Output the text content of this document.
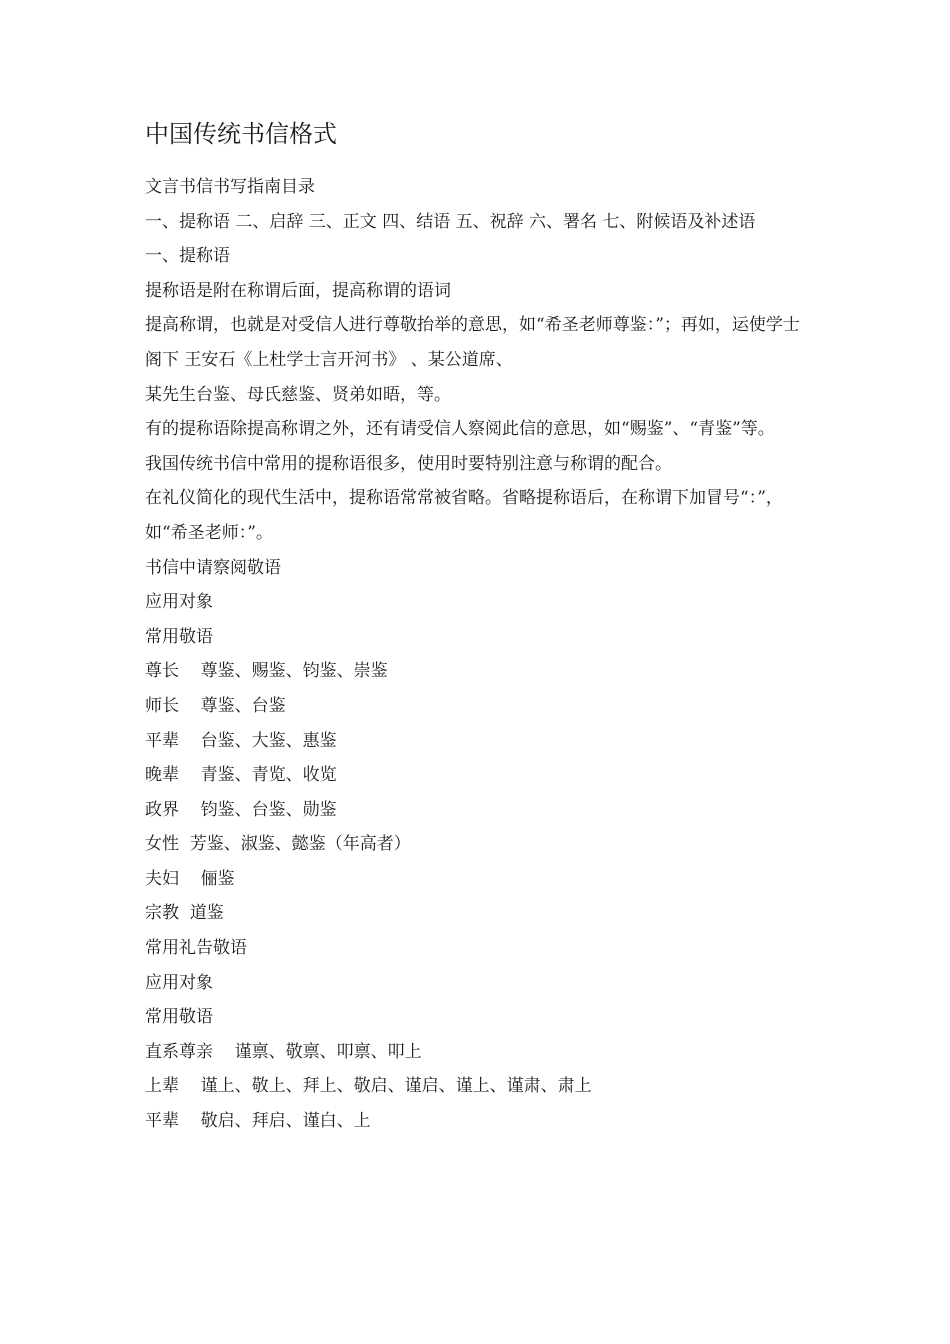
中国传统书信格式
文言书信书写指南目录
一、提称语 二、启辞 三、正文 四、结语 五、祝辞 六、署名 七、附候语及补述语
一、提称语
提称语是附在称谓后面，提高称谓的语词
提高称谓，也就是对受信人进行尊敬抬举的意思，如“希圣老师尊鉴：”；再如，运使学士阁下 王安石《上杜学士言开河书》 、某公道席、
某先生台鉴、母氏慈鉴、贤弟如晤，等。
有的提称语除提高称谓之外，还有请受信人察阅此信的意思，如“赐鉴”、“青鉴”等。
我国传统书信中常用的提称语很多，使用时要特别注意与称谓的配合。
在礼仪简化的现代生活中，提称语常常被省略。省略提称语后，在称谓下加冒号“：”，如“希圣老师：”。
书信中请察阅敬语
应用对象
常用敬语
尊长 尊鉴、赐鉴、钧鉴、崇鉴
师长 尊鉴、台鉴
平辈 台鉴、大鉴、惠鉴
晚辈 青鉴、青览、收览
政界 钧鉴、台鉴、勋鉴
女性 芳鉴、淑鉴、懿鉴（年高者）
夫妇 俪鉴
宗教 道鉴
常用礼告敬语
应用对象
常用敬语
直系尊亲 谨禀、敬禀、叩禀、叩上
上辈 谨上、敬上、拜上、敬启、谨启、谨上、谨肃、肃上
平辈 敬启、拜启、谨白、上
